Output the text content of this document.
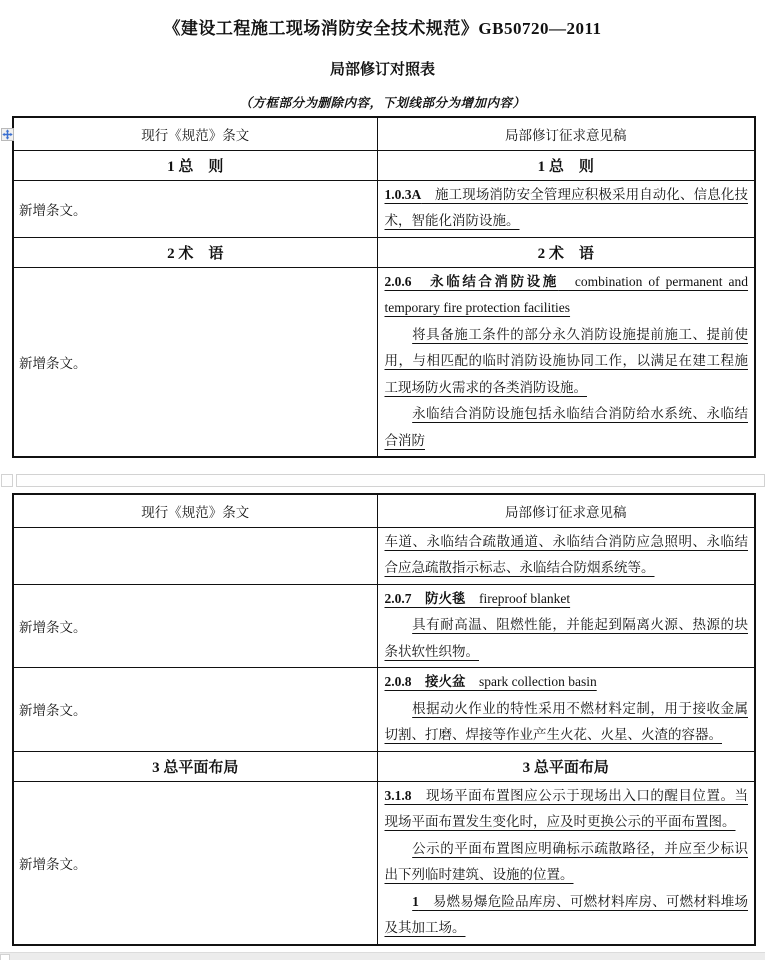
《建设工程施工现场消防安全技术规范》GB50720—2011
局部修订对照表
（方框部分为删除内容，下划线部分为增加内容）
现行《规范》条文	局部修订征求意见稿
1 总　则	1 总　则
新增条文。	1.0.3A　施工现场消防安全管理应积极采用自动化、信息化技术，智能化消防设施。

2 术　语	2 术　语
新增条文。	2.0.6　永临结合消防设施　combination of permanent and temporary fire protection facilities

将具备施工条件的部分永久消防设施提前施工、提前使用，与相匹配的临时消防设施协同工作，以满足在建工程施工现场防火需求的各类消防设施。

永临结合消防设施包括永临结合消防给水系统、永临结合消防

现行《规范》条文	局部修订征求意见稿

	车道、永临结合疏散通道、永临结合消防应急照明、永临结合应急疏散指示标志、永临结合防烟系统等。

新增条文。	2.0.7　防火毯　fireproof blanket

具有耐高温、阻燃性能，并能起到隔离火源、热源的块条状软性织物。

新增条文。	2.0.8　接火盆　spark collection basin

根据动火作业的特性采用不燃材料定制，用于接收金属切割、打磨、焊接等作业产生火花、火星、火渣的容器。

3 总平面布局	3 总平面布局
新增条文。	3.1.8　现场平面布置图应公示于现场出入口的醒目位置。当现场平面布置发生变化时，应及时更换公示的平面布置图。

公示的平面布置图应明确标示疏散路径，并应至少标识出下列临时建筑、设施的位置。

1　易燃易爆危险品库房、可燃材料库房、可燃材料堆场及其加工场。
